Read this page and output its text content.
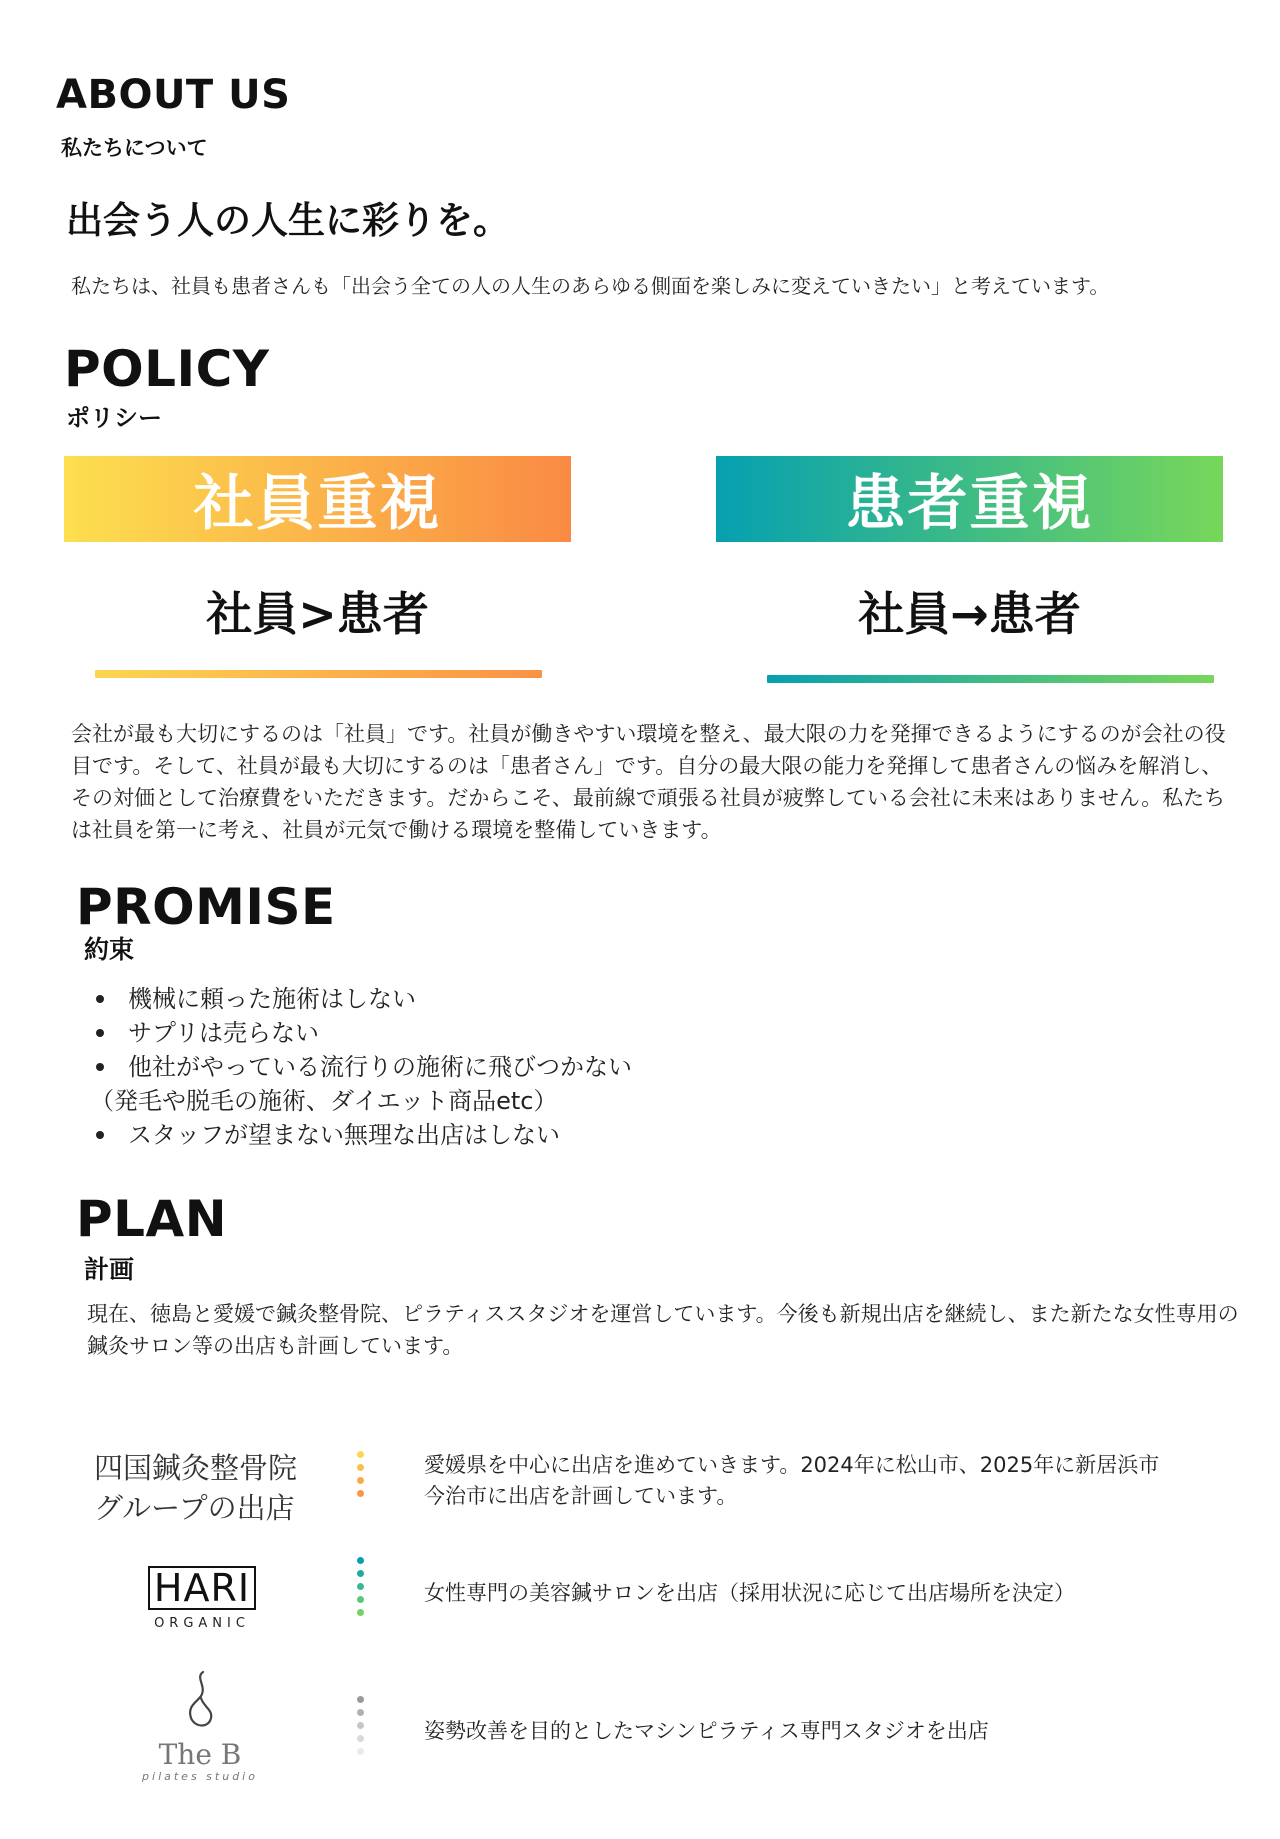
ABOUT US
私たちについて
出会う人の人生に彩りを。
私たちは、社員も患者さんも「出会う全ての人の人生のあらゆる側面を楽しみに変えていきたい」と考えています。
POLICY
ポリシー
社員重視	患者重視
社員>患者	社員→患者
会社が最も大切にするのは「社員」です。社員が働きやすい環境を整え、最大限の力を発揮できるようにするのが会社の役目です。そして、社員が最も大切にするのは「患者さん」です。自分の最大限の能力を発揮して患者さんの悩みを解消し、その対価として治療費をいただきます。だからこそ、最前線で頑張る社員が疲弊している会社に未来はありません。私たちは社員を第一に考え、社員が元気で働ける環境を整備していきます。
PROMISE
約束
機械に頼った施術はしない
サプリは売らない
他社がやっている流行りの施術に飛びつかない
（発毛や脱毛の施術、ダイエット商品etc）
スタッフが望まない無理な出店はしない
PLAN
計画
現在、徳島と愛媛で鍼灸整骨院、ピラティススタジオを運営しています。今後も新規出店を継続し、また新たな女性専用の鍼灸サロン等の出店も計画しています。
四国鍼灸整骨院
グループの出店
愛媛県を中心に出店を進めていきます。2024年に松山市、2025年に新居浜市
今治市に出店を計画しています。
HARI
ORGANIC
女性専門の美容鍼サロンを出店（採用状況に応じて出店場所を決定）
The B
pilates studio
姿勢改善を目的としたマシンピラティス専門スタジオを出店
